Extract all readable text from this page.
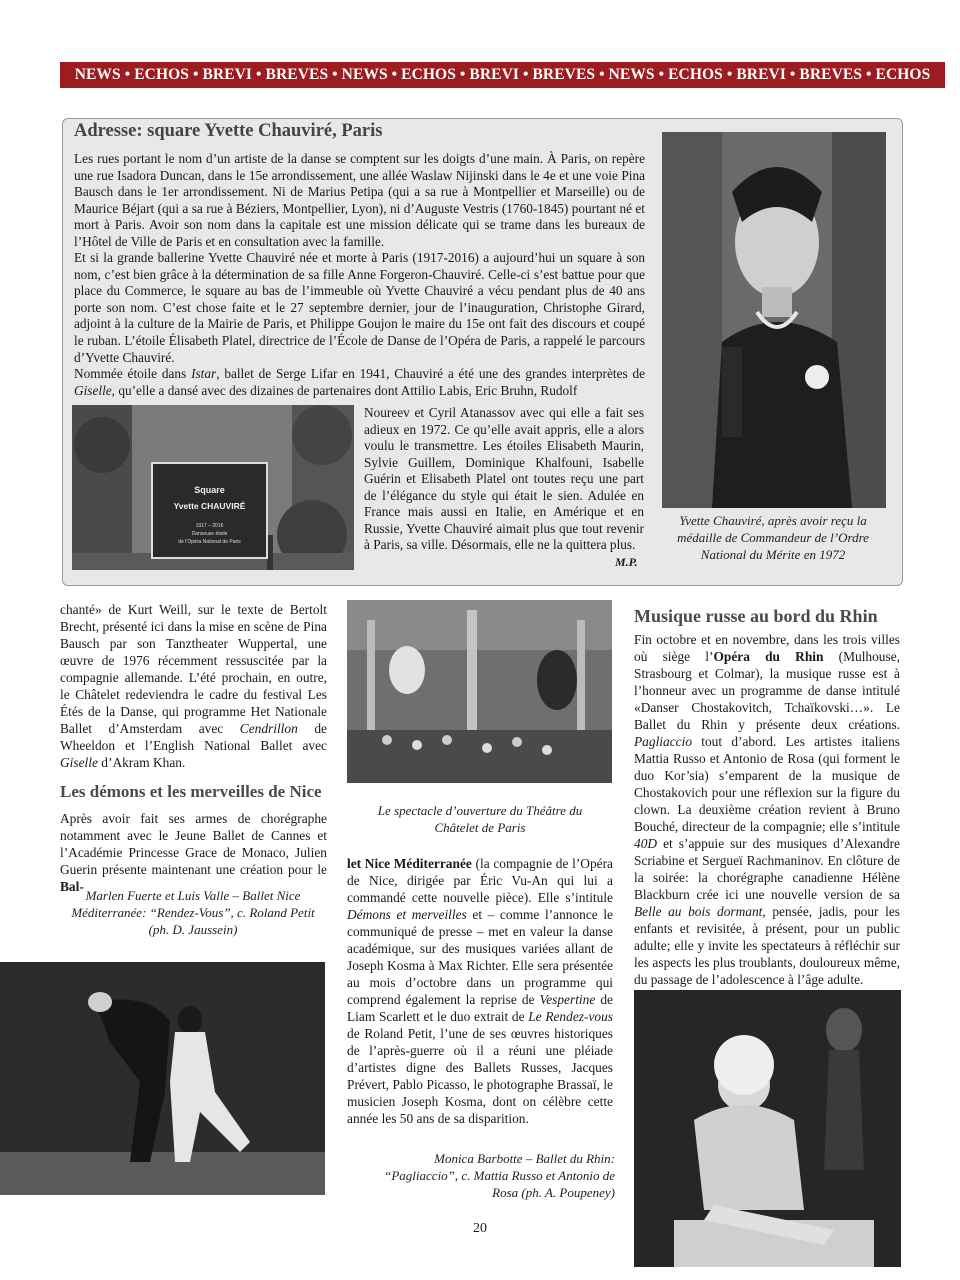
NEWS • ECHOS • BREVI • BREVES • NEWS • ECHOS • BREVI • BREVES • NEWS • ECHOS • BREVI • BREVES • ECHOS
Adresse: square Yvette Chauviré, Paris

Les rues portant le nom d’un artiste de la danse se comptent sur les doigts d’une main. À Paris, on repère une rue Isadora Duncan, dans le 15e arrondissement, une allée Waslaw Nijinski dans le 4e et une voie Pina Bausch dans le 1er arrondissement. Ni de Marius Petipa (qui a sa rue à Montpellier et Marseille) ou de Maurice Béjart (qui a sa rue à Béziers, Montpellier, Lyon), ni d’Auguste Vestris (1760-1845) pourtant né et mort à Paris. Avoir son nom dans la capitale est une mission délicate qui se trame dans les bureaux de l’Hôtel de Ville de Paris et en consultation avec la famille.

Et si la grande ballerine Yvette Chauviré née et morte à Paris (1917-2016) a aujourd’hui un square à son nom, c’est bien grâce à la détermination de sa fille Anne Forgeron-Chauviré. Celle-ci s’est battue pour que place du Commerce, le square au bas de l’immeuble où Yvette Chauviré a vécu pendant plus de 40 ans porte son nom. C’est chose faite et le 27 septembre dernier, jour de l’inauguration, Christophe Girard, adjoint à la culture de la Mairie de Paris, et Philippe Goujon le maire du 15e ont fait des discours et coupé le ruban. L’étoile Élisabeth Platel, directrice de l’École de Danse de l’Opéra de Paris, a rappelé le parcours d’Yvette Chauviré.

Nommée étoile dans Istar, ballet de Serge Lifar en 1941, Chauviré a été une des grandes interprètes de Giselle, qu’elle a dansé avec des dizaines de partenaires dont Attilio Labis, Eric Bruhn, Rudolf

Square
Yvette CHAUVIRÉ
1917 – 2016
Danseuse étoile
de l’Opéra National de Paris
Noureev et Cyril Atanassov avec qui elle a fait ses adieux en 1972. Ce qu’elle avait appris, elle a alors voulu le transmettre. Les étoiles Elisabeth Maurin, Sylvie Guillem, Dominique Khalfouni, Isabelle Guérin et Elisabeth Platel ont toutes reçu une part de l’élégance du style qui était le sien. Adulée en France mais aussi en Italie, en Amérique et en Russie, Yvette Chauviré aimait plus que tout revenir à Paris, sa ville. Désormais, elle ne la quittera plus.
M.P.
Yvette Chauviré, après avoir reçu la médaille de Commandeur de l’Ordre National du Mérite en 1972

chanté» de Kurt Weill, sur le texte de Bertolt Brecht, présenté ici dans la mise en scène de Pina Bausch par son Tanztheater Wuppertal, une œuvre de 1976 récemment ressuscitée par la compagnie allemande. L’été prochain, en outre, le Châtelet redeviendra le cadre du festival Les Étés de la Danse, qui programme Het Nationale Ballet d’Amsterdam avec Cendrillon de Wheeldon et l’English National Ballet avec Giselle d’Akram Khan.

Les démons et les merveilles de Nice

Après avoir fait ses armes de chorégraphe notamment avec le Jeune Ballet de Cannes et l’Académie Princesse Grace de Monaco, Julien Guerin présente maintenant une création pour le Bal-

Marlen Fuerte et Luis Valle – Ballet Nice Méditerranée: “Rendez-Vous”, c. Roland Petit (ph. D. Jaussein)
Le spectacle d’ouverture du Théâtre du Châtelet de Paris

let Nice Méditerranée (la compagnie de l’Opéra de Nice, dirigée par Éric Vu-An qui lui a commandé cette nouvelle pièce). Elle s’intitule Démons et merveilles et – comme l’annonce le communiqué de presse – met en valeur la danse académique, sur des musiques variées allant de Joseph Kosma à Max Richter. Elle sera présentée au mois d’octobre dans un programme qui comprend également la reprise de Vespertine de Liam Scarlett et le duo extrait de Le Rendez-vous de Roland Petit, l’une de ses œuvres historiques de l’après-guerre où il a réuni une pléiade d’artistes digne des Ballets Russes, Jacques Prévert, Pablo Picasso, le photographe Brassaï, le musicien Joseph Kosma, dont on célèbre cette année les 50 ans de sa disparition.

Monica Barbotte – Ballet du Rhin: “Pagliaccio”, c. Mattia Russo et Antonio de Rosa (ph. A. Poupeney)
Musique russe au bord du Rhin

Fin octobre et en novembre, dans les trois villes où siège l’Opéra du Rhin (Mulhouse, Strasbourg et Colmar), la musique russe est à l’honneur avec un programme de danse intitulé «Danser Chostakovitch, Tchaïkovski…». Le Ballet du Rhin y présente deux créations. Pagliaccio tout d’abord. Les artistes italiens Mattia Russo et Antonio de Rosa (qui forment le duo Kor’sia) s’emparent de la musique de Chostakovich pour une réflexion sur la figure du clown. La deuxième création revient à Bruno Bouché, directeur de la compagnie; elle s’intitule 40D et s’appuie sur des musiques d’Alexandre Scriabine et Sergueï Rachmaninov. En clôture de la soirée: la chorégraphe canadienne Hélène Blackburn crée ici une nouvelle version de sa Belle au bois dormant, pensée, jadis, pour les enfants et revisitée, à présent, pour un public adulte; elle y invite les spectateurs à réfléchir sur les aspects les plus troublants, douloureux même, du passage de l’adolescence à l’âge adulte.

20
